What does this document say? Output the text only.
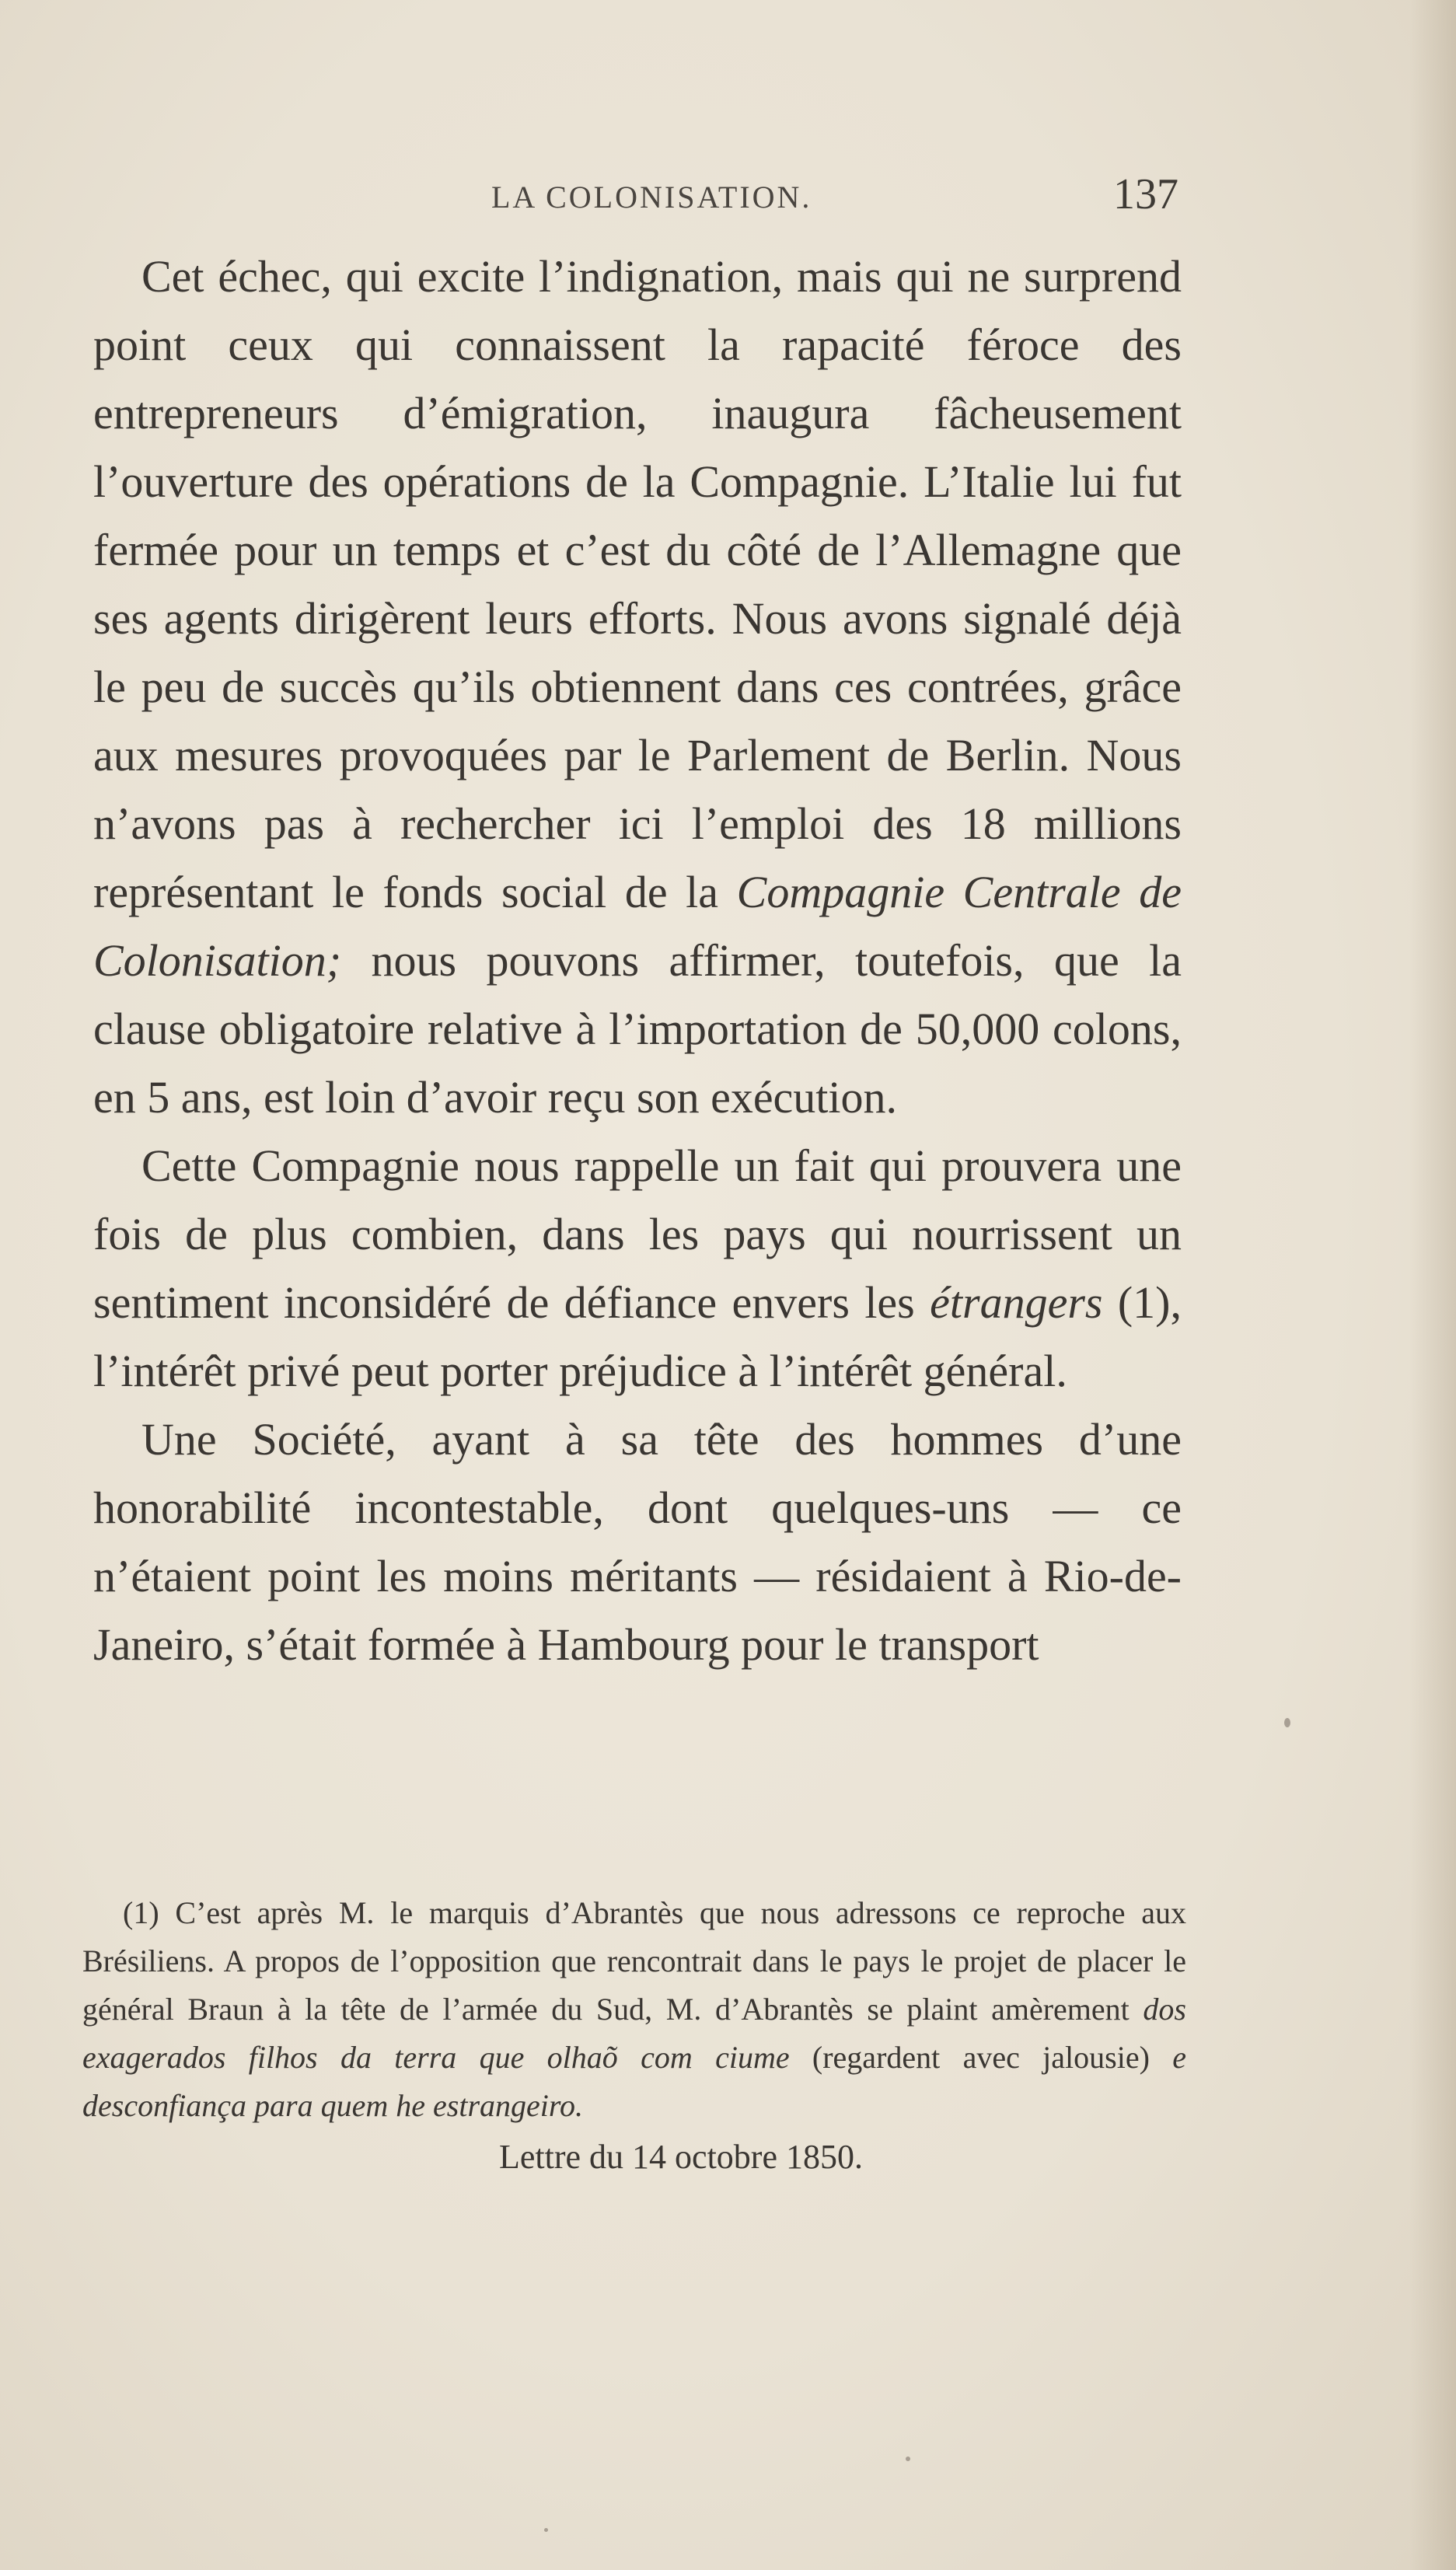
LA COLONISATION.	137

Cet échec, qui excite l’indignation, mais qui ne surprend point ceux qui connaissent la rapacité féroce des entrepreneurs d’émigration, inaugura fâcheusement l’ouverture des opérations de la Compagnie. L’Italie lui fut fermée pour un temps et c’est du côté de l’Allemagne que ses agents dirigèrent leurs efforts. Nous avons signalé déjà le peu de succès qu’ils obtiennent dans ces contrées, grâce aux mesures provoquées par le Parlement de Berlin. Nous n’avons pas à rechercher ici l’emploi des 18 millions représentant le fonds social de la Compagnie Centrale de Colonisation; nous pouvons affirmer, toutefois, que la clause obligatoire relative à l’importation de 50,000 colons, en 5 ans, est loin d’avoir reçu son exécution.

Cette Compagnie nous rappelle un fait qui prouvera une fois de plus combien, dans les pays qui nourrissent un sentiment inconsidéré de défiance envers les étrangers (1), l’intérêt privé peut porter préjudice à l’intérêt général.

Une Société, ayant à sa tête des hommes d’une honorabilité incontestable, dont quelques-uns — ce n’étaient point les moins méritants — résidaient à Rio-de-Janeiro, s’était formée à Hambourg pour le transport

(1) C’est après M. le marquis d’Abrantès que nous adressons ce reproche aux Brésiliens. A propos de l’opposition que rencontrait dans le pays le projet de placer le général Braun à la tête de l’armée du Sud, M. d’Abrantès se plaint amèrement dos exagerados filhos da terra que olhaõ com ciume (regardent avec jalousie) e desconfiança para quem he estrangeiro.

Lettre du 14 octobre 1850.
